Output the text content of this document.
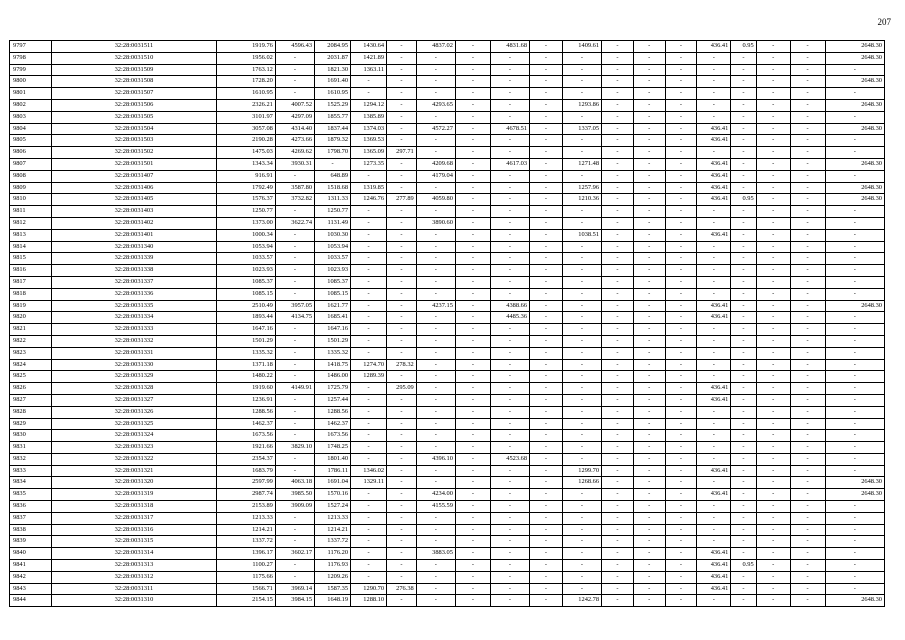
207
9797	32:28:0031511	1919.76	4596.43	2084.95	1430.64	-	4837.02	-	4831.68	-	1409.61	-	-	-	436.41	0.95	-	-	2648.30
9798	32:28:0031510	1956.02	-	2031.87	1421.89	-	-	-	-	-	-	-	-	-	-	-	-	-	2648.30
9799	32:28:0031509	1763.12	-	1821.30	1363.11	-	-	-	-	-	-	-	-	-	-	-	-	-	-
9800	32:28:0031508	1728.20	-	1691.40	-	-	-	-	-	-	-	-	-	-	-	-	-	-	2648.30
9801	32:28:0031507	1610.95	-	1610.95	-	-	-	-	-	-	-	-	-	-	-	-	-	-	-
9802	32:28:0031506	2326.21	4007.52	1525.29	1294.12	-	4293.65	-	-	-	1293.86	-	-	-	-	-	-	-	2648.30
9803	32:28:0031505	3101.97	4297.09	1855.77	1385.89	-	-	-	-	-	-	-	-	-	-	-	-	-	-
9804	32:28:0031504	3057.08	4314.40	1837.44	1374.03	-	4572.27	-	4678.51	-	1337.05	-	-	-	436.41	-	-	-	2648.30
9805	32:28:0031503	2190.28	4273.66	1879.32	1369.53	-	-	-	-	-	-	-	-	-	436.41	-	-	-	-
9806	32:28:0031502	1475.03	4269.62	1798.70	1365.09	297.71	-	-	-	-	-	-	-	-	-	-	-	-	-
9807	32:28:0031501	1343.34	3930.31	-	1273.35	-	4209.68	-	4617.03	-	1271.48	-	-	-	436.41	-	-	-	2648.30
9808	32:28:0031407	916.91	-	648.89	-	-	4179.04	-	-	-	-	-	-	-	436.41	-	-	-	-
9809	32:28:0031406	1792.49	3587.80	1518.68	1319.85	-	-	-	-	-	1257.96	-	-	-	436.41	-	-	-	2648.30
9810	32:28:0031405	1576.37	3732.82	1311.33	1246.76	277.89	4059.80	-	-	-	1210.36	-	-	-	436.41	0.95	-	-	2648.30
9811	32:28:0031403	1250.77	-	1250.77	-	-	-	-	-	-	-	-	-	-	-	-	-	-	-
9812	32:28:0031402	1373.00	3622.74	1131.49	-	-	3890.60	-	-	-	-	-	-	-	-	-	-	-	-
9813	32:28:0031401	1000.34	-	1030.30	-	-	-	-	-	-	1038.51	-	-	-	436.41	-	-	-	-
9814	32:28:0031340	1053.94	-	1053.94	-	-	-	-	-	-	-	-	-	-	-	-	-	-	-
9815	32:28:0031339	1033.57	-	1033.57	-	-	-	-	-	-	-	-	-	-	-	-	-	-	-
9816	32:28:0031338	1023.93	-	1023.93	-	-	-	-	-	-	-	-	-	-	-	-	-	-	-
9817	32:28:0031337	1085.37	-	1085.37	-	-	-	-	-	-	-	-	-	-	-	-	-	-	-
9818	32:28:0031336	1085.15	-	1085.15	-	-	-	-	-	-	-	-	-	-	-	-	-	-	-
9819	32:28:0031335	2510.49	3957.05	1621.77	-	-	4237.15	-	4388.66	-	-	-	-	-	436.41	-	-	-	2648.30
9820	32:28:0031334	1893.44	4134.75	1685.41	-	-	-	-	4485.36	-	-	-	-	-	436.41	-	-	-	-
9821	32:28:0031333	1647.16	-	1647.16	-	-	-	-	-	-	-	-	-	-	-	-	-	-	-
9822	32:28:0031332	1501.29	-	1501.29	-	-	-	-	-	-	-	-	-	-	-	-	-	-	-
9823	32:28:0031331	1335.32	-	1335.32	-	-	-	-	-	-	-	-	-	-	-	-	-	-	-
9824	32:28:0031330	1371.18	-	1418.75	1274.70	278.32	-	-	-	-	-	-	-	-	-	-	-	-	-
9825	32:28:0031329	1480.22	-	1486.00	1289.39	-	-	-	-	-	-	-	-	-	-	-	-	-	-
9826	32:28:0031328	1919.60	4149.91	1725.79	-	295.09	-	-	-	-	-	-	-	-	436.41	-	-	-	-
9827	32:28:0031327	1236.91	-	1257.44	-	-	-	-	-	-	-	-	-	-	436.41	-	-	-	-
9828	32:28:0031326	1288.56	-	1288.56	-	-	-	-	-	-	-	-	-	-	-	-	-	-	-
9829	32:28:0031325	1462.37	-	1462.37	-	-	-	-	-	-	-	-	-	-	-	-	-	-	-
9830	32:28:0031324	1673.56	-	1673.56	-	-	-	-	-	-	-	-	-	-	-	-	-	-	-
9831	32:28:0031323	1921.66	3829.10	1748.25	-	-	-	-	-	-	-	-	-	-	-	-	-	-	-
9832	32:28:0031322	2354.37	-	1801.40	-	-	4396.10	-	4523.68	-	-	-	-	-	-	-	-	-	-
9833	32:28:0031321	1683.79	-	1786.11	1346.02	-	-	-	-	-	1299.70	-	-	-	436.41	-	-	-	-
9834	32:28:0031320	2597.99	4063.18	1691.04	1329.11	-	-	-	-	-	1268.66	-	-	-	-	-	-	-	2648.30
9835	32:28:0031319	2987.74	3985.50	1570.16	-	-	4234.00	-	-	-	-	-	-	-	436.41	-	-	-	2648.30
9836	32:28:0031318	2153.89	3909.09	1527.24	-	-	4155.59	-	-	-	-	-	-	-	-	-	-	-	-
9837	32:28:0031317	1213.33	-	1213.33	-	-	-	-	-	-	-	-	-	-	-	-	-	-	-
9838	32:28:0031316	1214.21	-	1214.21	-	-	-	-	-	-	-	-	-	-	-	-	-	-	-
9839	32:28:0031315	1337.72	-	1337.72	-	-	-	-	-	-	-	-	-	-	-	-	-	-	-
9840	32:28:0031314	1396.17	3602.17	1176.20	-	-	3883.05	-	-	-	-	-	-	-	436.41	-	-	-	-
9841	32:28:0031313	1100.27	-	1176.93	-	-	-	-	-	-	-	-	-	-	436.41	0.95	-	-	-
9842	32:28:0031312	1175.66	-	1209.26	-	-	-	-	-	-	-	-	-	-	436.41	-	-	-	-
9843	32:28:0031311	1566.71	3969.14	1587.35	1290.70	276.38	-	-	-	-	-	-	-	-	436.41	-	-	-	-
9844	32:28:0031310	2154.15	3984.15	1648.19	1288.10	-	-	-	-	-	1242.78	-	-	-	-	-	-	-	2648.30
